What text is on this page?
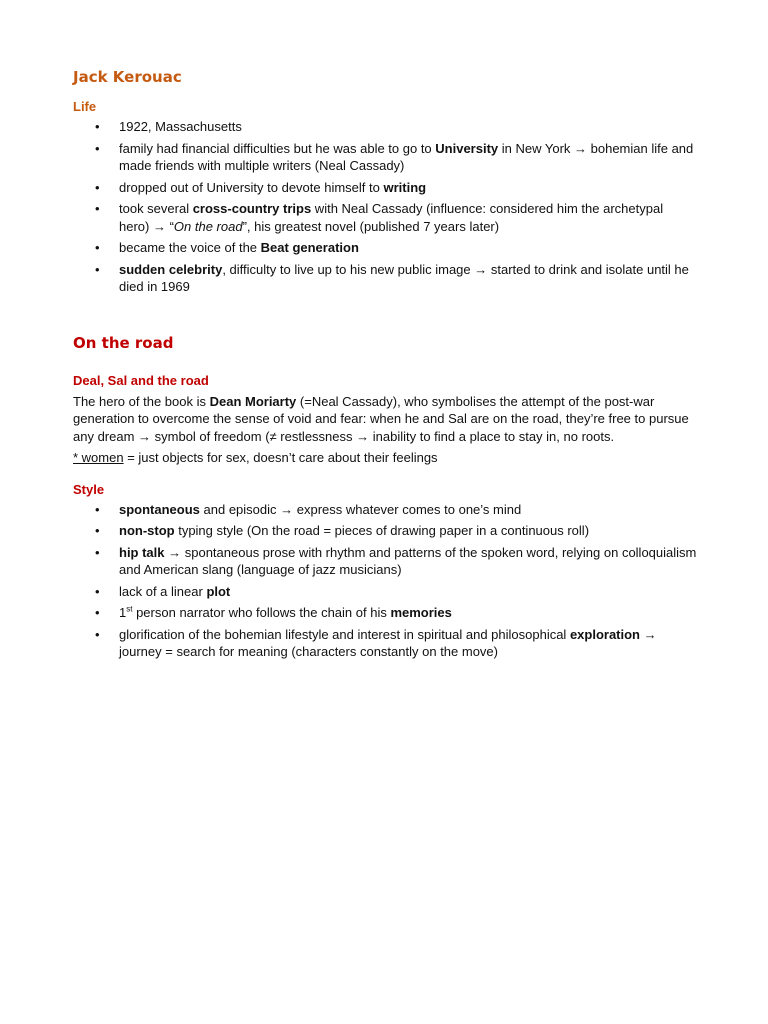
Jack Kerouac
Life
• 1922, Massachusetts
• family had financial difficulties but he was able to go to University in New York → bohemian life and made friends with multiple writers (Neal Cassady)
• dropped out of University to devote himself to writing
• took several cross-country trips with Neal Cassady (influence: considered him the archetypal hero) → “On the road”, his greatest novel (published 7 years later)
• became the voice of the Beat generation
• sudden celebrity, difficulty to live up to his new public image → started to drink and isolate until he died in 1969
On the road
Deal, Sal and the road

The hero of the book is Dean Moriarty (=Neal Cassady), who symbolises the attempt of the post-war generation to overcome the sense of void and fear: when he and Sal are on the road, they’re free to pursue any dream → symbol of freedom (≠ restlessness → inability to find a place to stay in, no roots.

* women = just objects for sex, doesn’t care about their feelings

Style
• spontaneous and episodic → express whatever comes to one’s mind
• non-stop typing style (On the road = pieces of drawing paper in a continuous roll)
• hip talk → spontaneous prose with rhythm and patterns of the spoken word, relying on colloquialism and American slang (language of jazz musicians)
• lack of a linear plot
• 1st person narrator who follows the chain of his memories
• glorification of the bohemian lifestyle and interest in spiritual and philosophical exploration → journey = search for meaning (characters constantly on the move)
